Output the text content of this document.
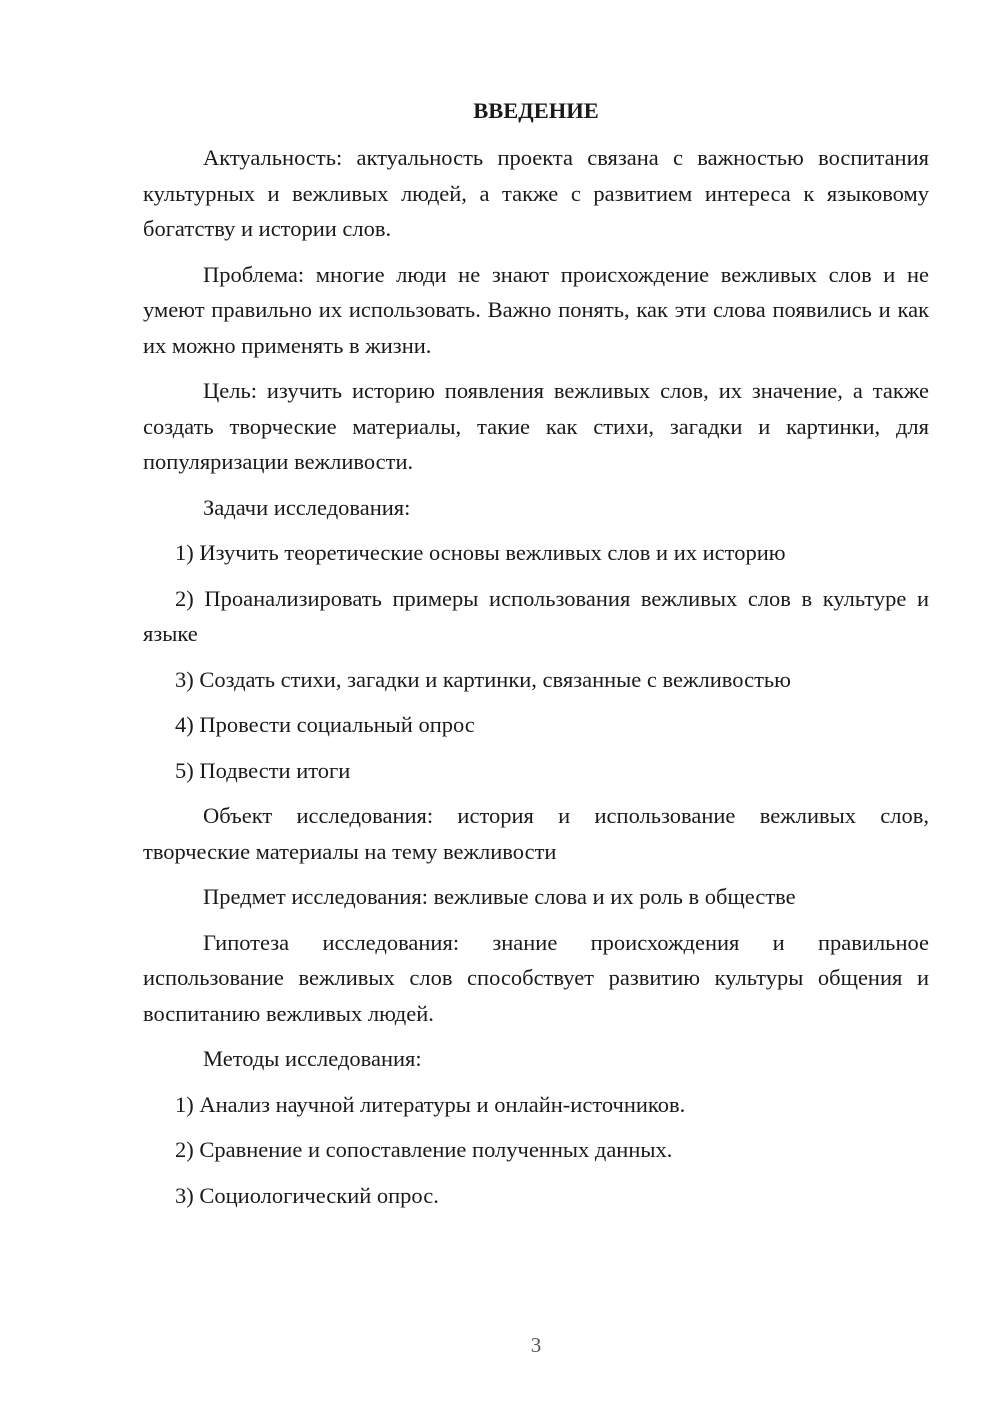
ВВЕДЕНИЕ

Актуальность: актуальность проекта связана с важностью воспитания культурных и вежливых людей, а также с развитием интереса к языковому богатству и истории слов.

Проблема: многие люди не знают происхождение вежливых слов и не умеют правильно их использовать. Важно понять, как эти слова появились и как их можно применять в жизни.

Цель: изучить историю появления вежливых слов, их значение, а также создать творческие материалы, такие как стихи, загадки и картинки, для популяризации вежливости.

Задачи исследования:

1) Изучить теоретические основы вежливых слов и их историю

2) Проанализировать примеры использования вежливых слов в культуре и языке

3) Создать стихи, загадки и картинки, связанные с вежливостью

4) Провести социальный опрос

5) Подвести итоги

Объект исследования: история и использование вежливых слов, творческие материалы на тему вежливости

Предмет исследования: вежливые слова и их роль в обществе

Гипотеза исследования: знание происхождения и правильное использование вежливых слов способствует развитию культуры общения и воспитанию вежливых людей.

Методы исследования:

1) Анализ научной литературы и онлайн-источников.

2) Сравнение и сопоставление полученных данных.

3) Социологический опрос.

3
